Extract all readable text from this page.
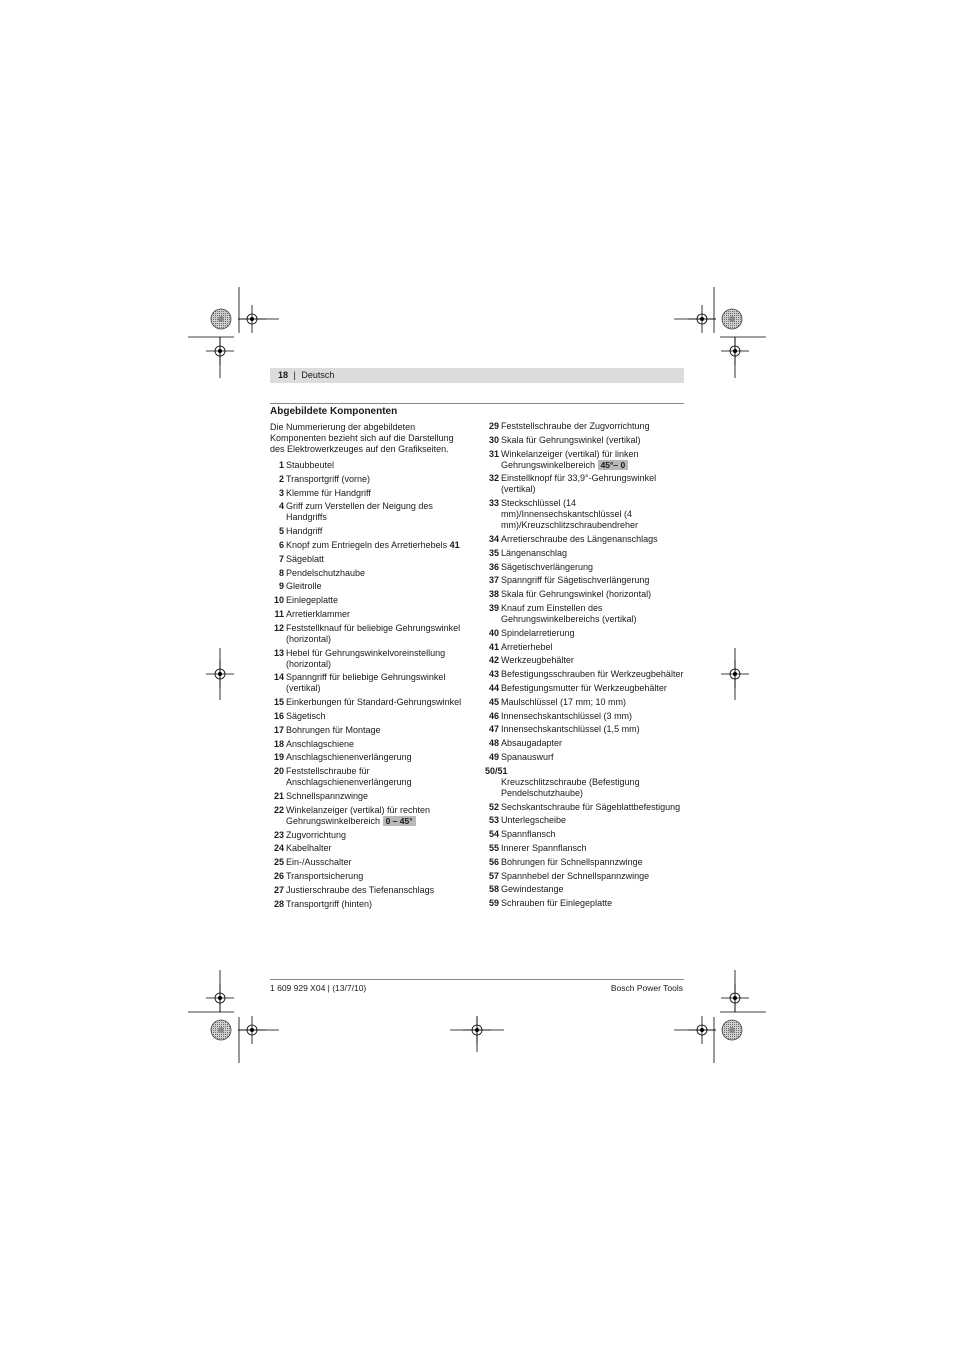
18 | Deutsch
Abgebildete Komponenten
Die Nummerierung der abgebildeten Komponenten bezieht sich auf die Darstellung des Elektrowerkzeuges auf den Grafikseiten.
1 Staubbeutel
2 Transportgriff (vorne)
3 Klemme für Handgriff
4 Griff zum Verstellen der Neigung des Handgriffs
5 Handgriff
6 Knopf zum Entriegeln des Arretierhebels 41
7 Sägeblatt
8 Pendelschutzhaube
9 Gleitrolle
10 Einlegeplatte
11 Arretierklammer
12 Feststellknauf für beliebige Gehrungswinkel (horizontal)
13 Hebel für Gehrungswinkelvoreinstellung (horizontal)
14 Spanngriff für beliebige Gehrungswinkel (vertikal)
15 Einkerbungen für Standard-Gehrungswinkel
16 Sägetisch
17 Bohrungen für Montage
18 Anschlagschiene
19 Anschlagschienenverlängerung
20 Feststellschraube für Anschlagschienenverlängerung
21 Schnellspannzwinge
22 Winkelanzeiger (vertikal) für rechten Gehrungswinkelbereich 0 – 45°
23 Zugvorrichtung
24 Kabelhalter
25 Ein-/Ausschalter
26 Transportsicherung
27 Justierschraube des Tiefenanschlags
28 Transportgriff (hinten)
29 Feststellschraube der Zugvorrichtung
30 Skala für Gehrungswinkel (vertikal)
31 Winkelanzeiger (vertikal) für linken Gehrungswinkelbereich 45°– 0
32 Einstellknopf für 33,9°-Gehrungswinkel (vertikal)
33 Steckschlüssel (14 mm)/Innensechskantschlüssel (4 mm)/Kreuzschlitzschraubendreher
34 Arretierschraube des Längenanschlags
35 Längenanschlag
36 Sägetischverlängerung
37 Spanngriff für Sägetischverlängerung
38 Skala für Gehrungswinkel (horizontal)
39 Knauf zum Einstellen des Gehrungswinkelbereichs (vertikal)
40 Spindelarretierung
41 Arretierhebel
42 Werkzeugbehälter
43 Befestigungsschrauben für Werkzeugbehälter
44 Befestigungsmutter für Werkzeugbehälter
45 Maulschlüssel (17 mm; 10 mm)
46 Innensechskantschlüssel (3 mm)
47 Innensechskantschlüssel (1,5 mm)
48 Absaugadapter
49 Spanauswurf
50/51
Kreuzschlitzschraube (Befestigung Pendelschutzhaube)
52 Sechskantschraube für Sägeblattbefestigung
53 Unterlegscheibe
54 Spannflansch
55 Innerer Spannflansch
56 Bohrungen für Schnellspannzwinge
57 Spannhebel der Schnellspannzwinge
58 Gewindestange
59 Schrauben für Einlegeplatte
1 609 929 X04 | (13/7/10)	Bosch Power Tools
